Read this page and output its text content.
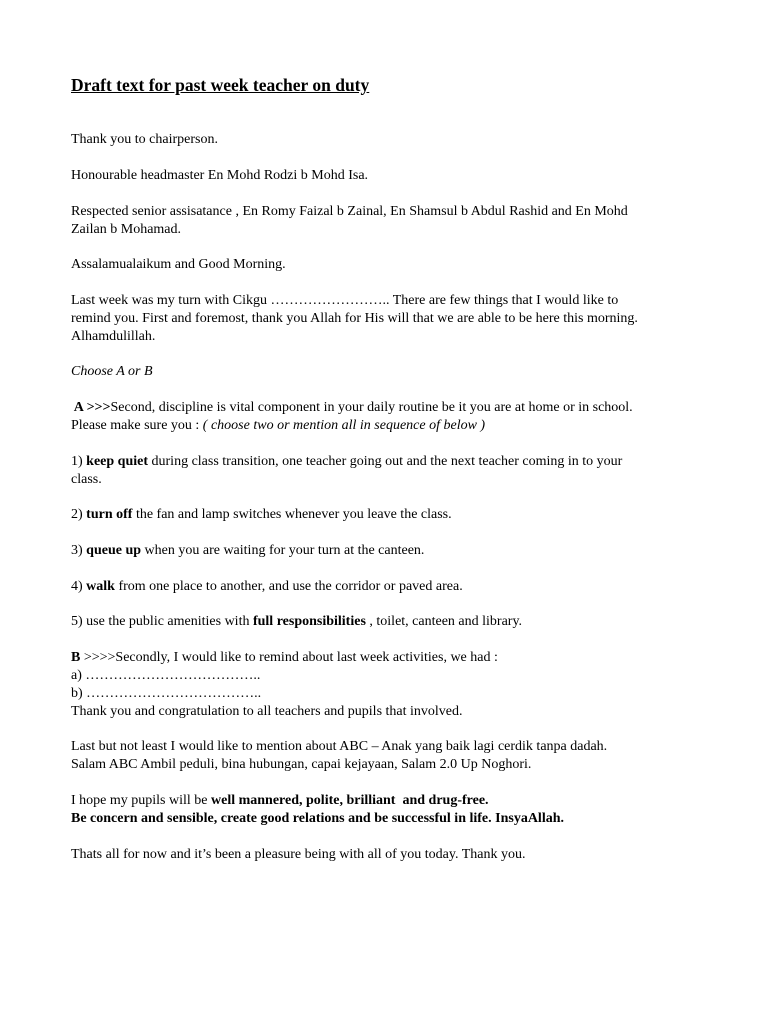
Draft text for past week teacher on duty

Thank you to chairperson.

Honourable headmaster En Mohd Rodzi b Mohd Isa.

Respected senior assisatance , En Romy Faizal b Zainal, En Shamsul b Abdul Rashid and En Mohd
Zailan b Mohamad.

Assalamualaikum and Good Morning.

Last week was my turn with Cikgu …………………….. There are few things that I would like to
remind you. First and foremost, thank you Allah for His will that we are able to be here this morning.
Alhamdulillah.

Choose A or B

A >>>Second, discipline is vital component in your daily routine be it you are at home or in school.
Please make sure you : ( choose two or mention all in sequence of below )

1) keep quiet during class transition, one teacher going out and the next teacher coming in to your
class.

2) turn off the fan and lamp switches whenever you leave the class.

3) queue up when you are waiting for your turn at the canteen.

4) walk from one place to another, and use the corridor or paved area.

5) use the public amenities with full responsibilities , toilet, canteen and library.

B >>>>Secondly, I would like to remind about last week activities, we had :
a) ………………………………..
b) ………………………………..
Thank you and congratulation to all teachers and pupils that involved.

Last but not least I would like to mention about ABC – Anak yang baik lagi cerdik tanpa dadah.
Salam ABC Ambil peduli, bina hubungan, capai kejayaan, Salam 2.0 Up Noghori.

I hope my pupils will be well mannered, polite, brilliant  and drug-free.
Be concern and sensible, create good relations and be successful in life. InsyaAllah.

Thats all for now and it’s been a pleasure being with all of you today. Thank you.
